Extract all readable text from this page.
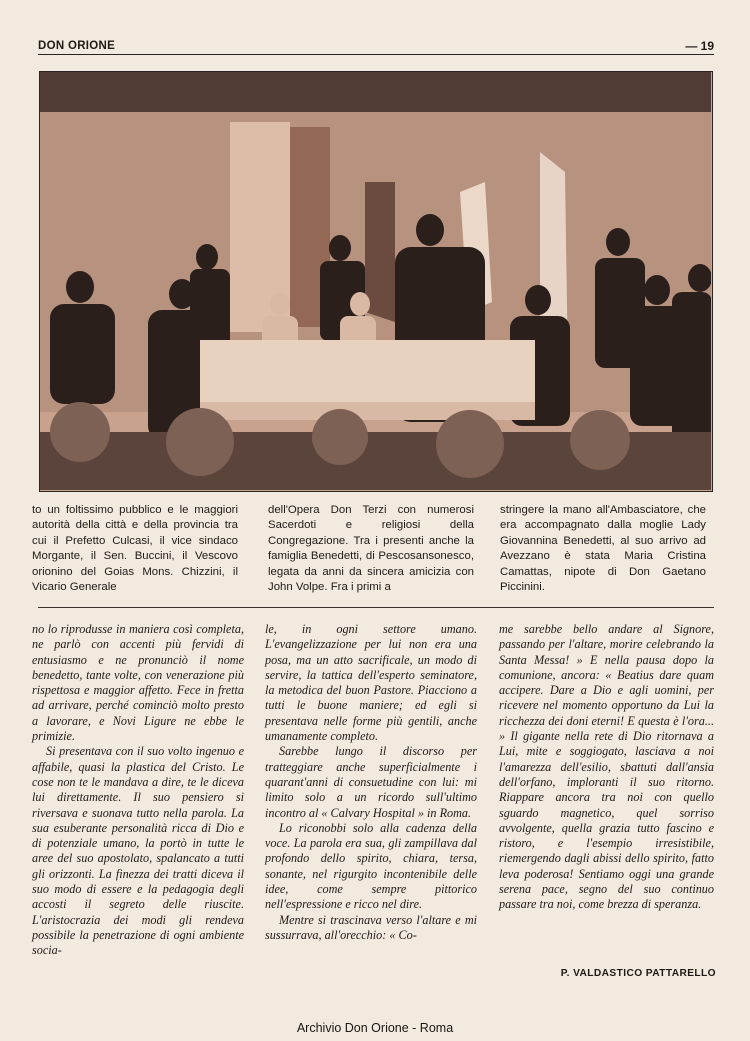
DON ORIONE	— 19
to un foltissimo pubblico e le maggiori autorità della città e della provincia tra cui il Prefetto Culcasi, il vice sindaco Morgante, il Sen. Buccini, il Vescovo orionino del Goias Mons. Chizzini, il Vicario Generale
dell'Opera Don Terzi con numerosi Sacerdoti e religiosi della Congregazione. Tra i presenti anche la famiglia Benedetti, di Pescosansonesco, legata da anni da sincera amicizia con John Volpe. Fra i primi a
stringere la mano all'Ambasciatore, che era accompagnato dalla moglie Lady Giovannina Benedetti, al suo arrivo ad Avezzano è stata Maria Cristina Camattas, nipote di Don Gaetano Piccinini.

no lo riprodusse in maniera così completa, ne parlò con accenti più fervidi di entusiasmo e ne pronunciò il nome benedetto, tante volte, con venerazione più rispettosa e maggior affetto. Fece in fretta ad arrivare, perché cominciò molto presto a lavorare, e Novi Ligure ne ebbe le primizie.

Si presentava con il suo volto ingenuo e affabile, quasi la plastica del Cristo. Le cose non te le mandava a dire, te le diceva lui direttamente. Il suo pensiero si riversava e suonava tutto nella parola. La sua esuberante personalità ricca di Dio e di potenziale umano, la portò in tutte le aree del suo apostolato, spalancato a tutti gli orizzonti. La finezza dei tratti diceva il suo modo di essere e la pedagogia degli accosti il segreto delle riuscite. L'aristocrazia dei modi gli rendeva possibile la penetrazione di ogni ambiente socia-

le, in ogni settore umano. L'evangelizzazione per lui non era una posa, ma un atto sacrificale, un modo di servire, la tattica dell'esperto seminatore, la metodica del buon Pastore. Piacciono a tutti le buone maniere; ed egli si presentava nelle forme più gentili, anche umanamente completo.

Sarebbe lungo il discorso per tratteggiare anche superficialmente i quarant'anni di consuetudine con lui: mi limito solo a un ricordo sull'ultimo incontro al « Calvary Hospital » in Roma.

Lo riconobbi solo alla cadenza della voce. La parola era sua, gli zampillava dal profondo dello spirito, chiara, tersa, sonante, nel rigurgito incontenibile delle idee, come sempre pittorico nell'espressione e ricco nel dire.

Mentre si trascinava verso l'altare e mi sussurrava, all'orecchio: « Co-

me sarebbe bello andare al Signore, passando per l'altare, morire celebrando la Santa Messa! » E nella pausa dopo la comunione, ancora: « Beatius dare quam accipere. Dare a Dio e agli uomini, per ricevere nel momento opportuno da Lui la ricchezza dei doni eterni! E questa è l'ora... » Il gigante nella rete di Dio ritornava a Lui, mite e soggiogato, lasciava a noi l'amarezza dell'esilio, sbattuti dall'ansia dell'orfano, imploranti il suo ritorno. Riappare ancora tra noi con quello sguardo magnetico, quel sorriso avvolgente, quella grazia tutto fascino e ristoro, e l'esempio irresistibile, riemergendo dagli abissi dello spirito, fatto leva poderosa! Sentiamo oggi una grande serena pace, segno del suo continuo passare tra noi, come brezza di speranza.

P. VALDASTICO PATTARELLO
Archivio Don Orione - Roma
